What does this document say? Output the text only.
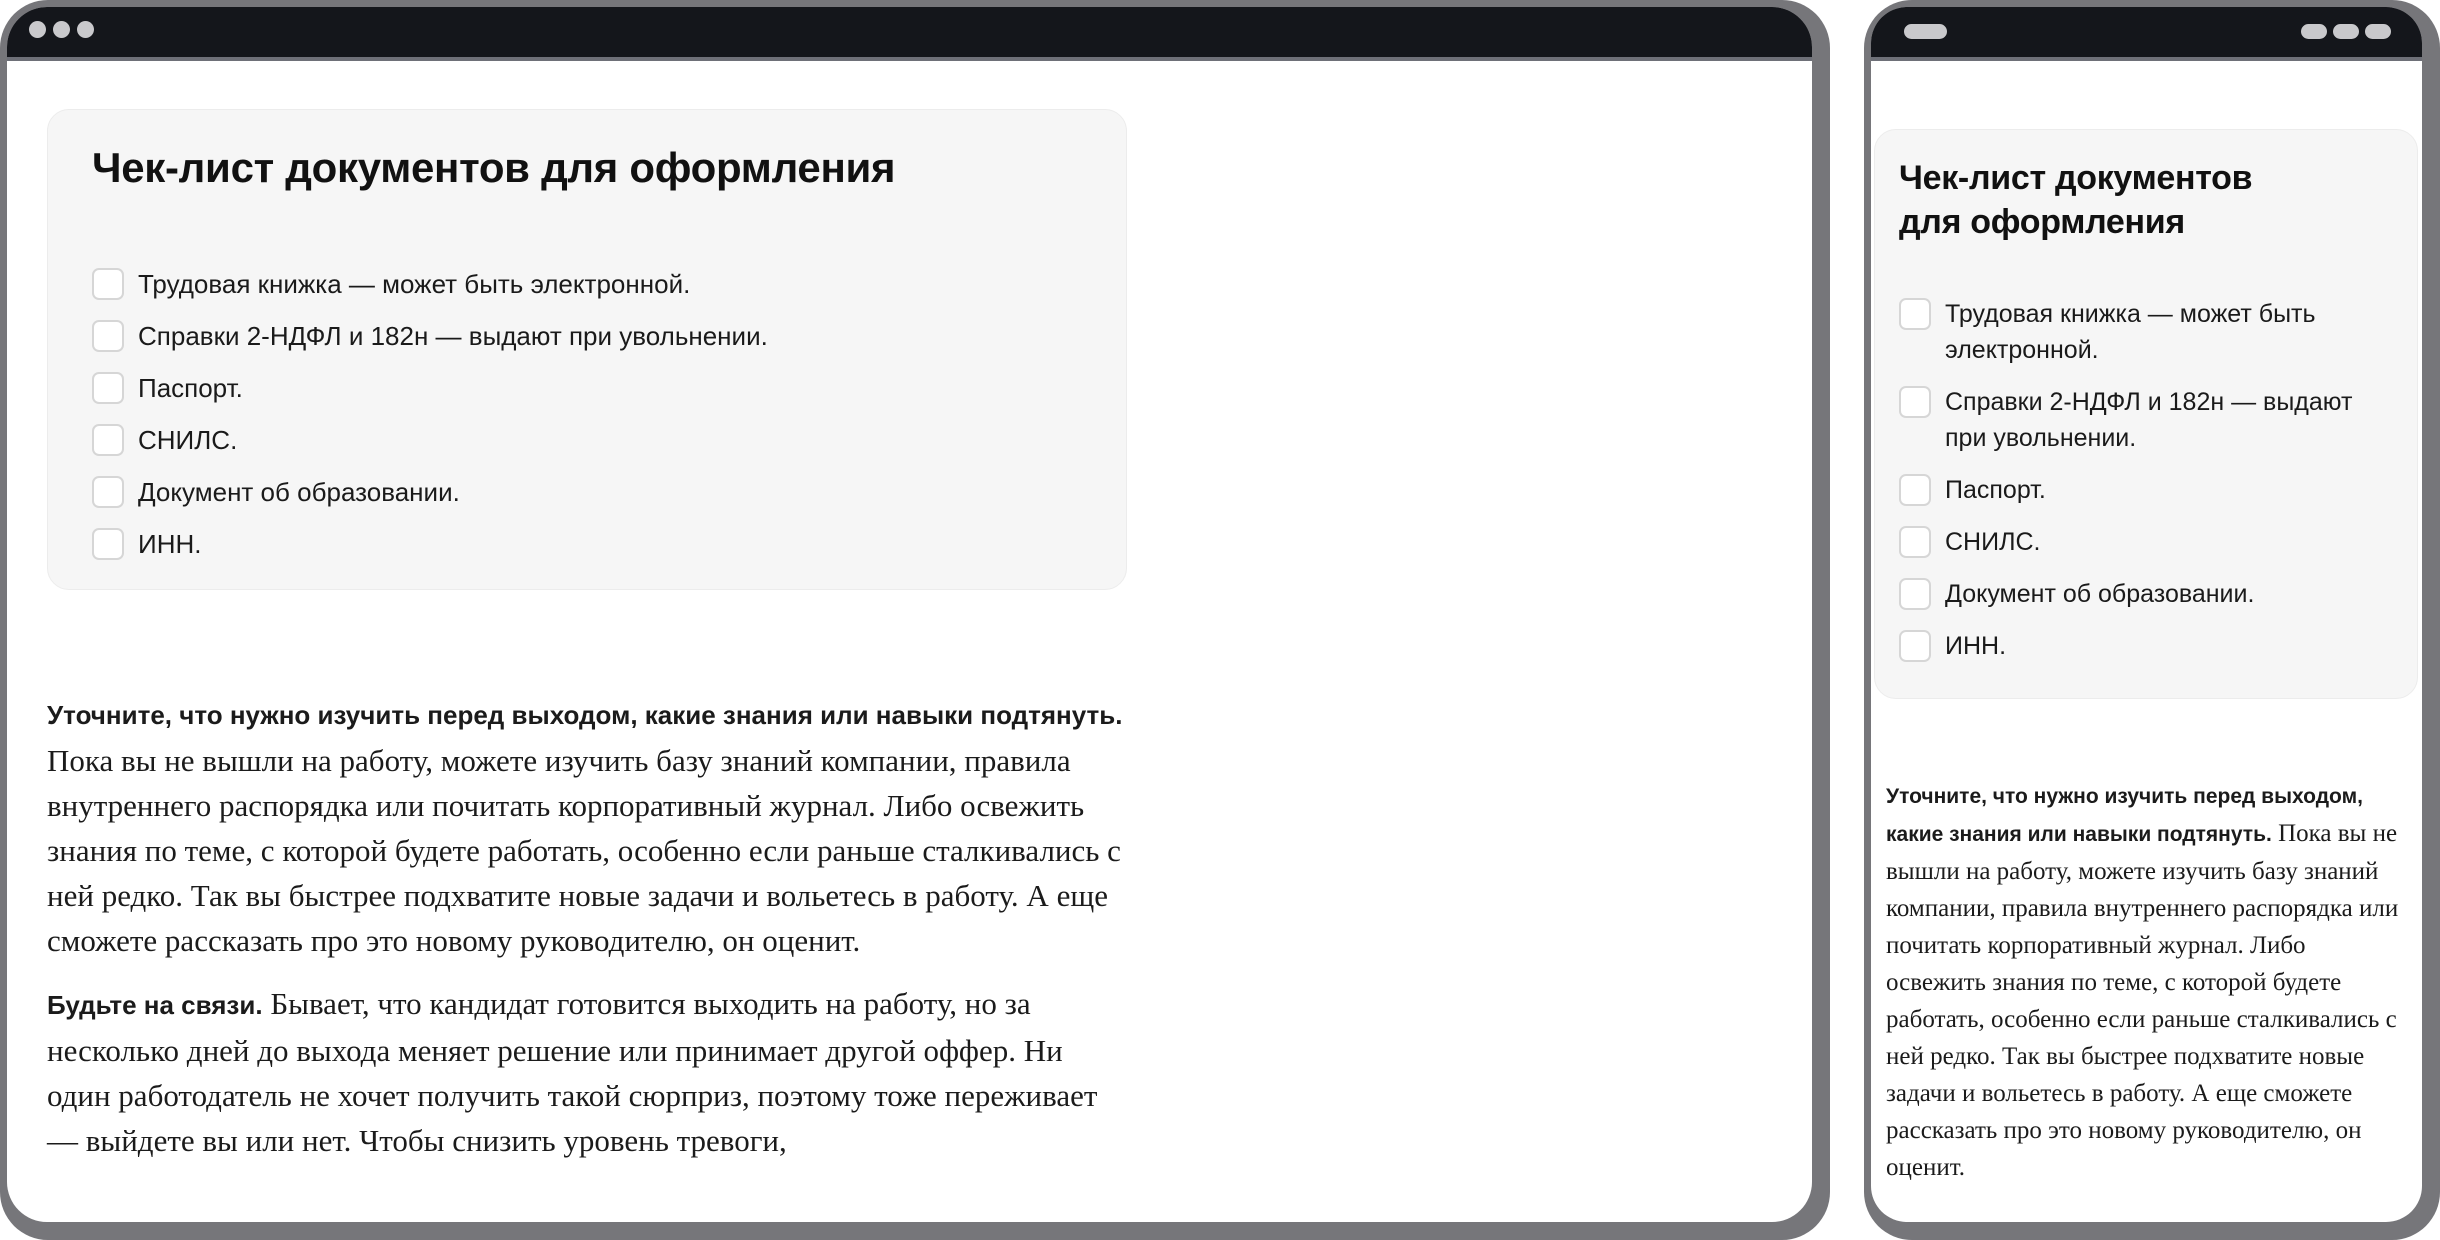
Чек-лист документов для оформления
Трудовая книжка — может быть электронной.
Справки 2-НДФЛ и 182н — выдают при увольнении.
Паспорт.
СНИЛС.
Документ об образовании.
ИНН.

Уточните, что нужно изучить перед выходом, какие знания или навыки подтянуть. Пока вы не вышли на работу, можете изучить базу знаний компании, правила внутреннего распорядка или почитать корпоративный журнал. Либо освежить знания по теме, с которой будете работать, особенно если раньше сталкивались с ней редко. Так вы быстрее подхватите новые задачи и вольетесь в работу. А еще сможете рассказать про это новому руководителю, он оценит.

Будьте на связи. Бывает, что кандидат готовится выходить на работу, но за несколько дней до выхода меняет решение или принимает другой оффер. Ни один работодатель не хочет получить такой сюрприз, поэтому тоже переживает — выйдете вы или нет. Чтобы снизить уровень тревоги,

Чек-лист документов
для оформления
Трудовая книжка — может быть электронной.
Справки 2-НДФЛ и 182н — выдают при увольнении.
Паспорт.
СНИЛС.
Документ об образовании.
ИНН.

Уточните, что нужно изучить перед выходом, какие знания или навыки подтянуть. Пока вы не вышли на работу, можете изучить базу знаний компании, правила внутреннего распорядка или почитать корпоративный журнал. Либо освежить знания по теме, с которой будете работать, особенно если раньше сталкивались с ней редко. Так вы быстрее подхватите новые задачи и вольетесь в работу. А еще сможете рассказать про это новому руководителю, он оценит.
